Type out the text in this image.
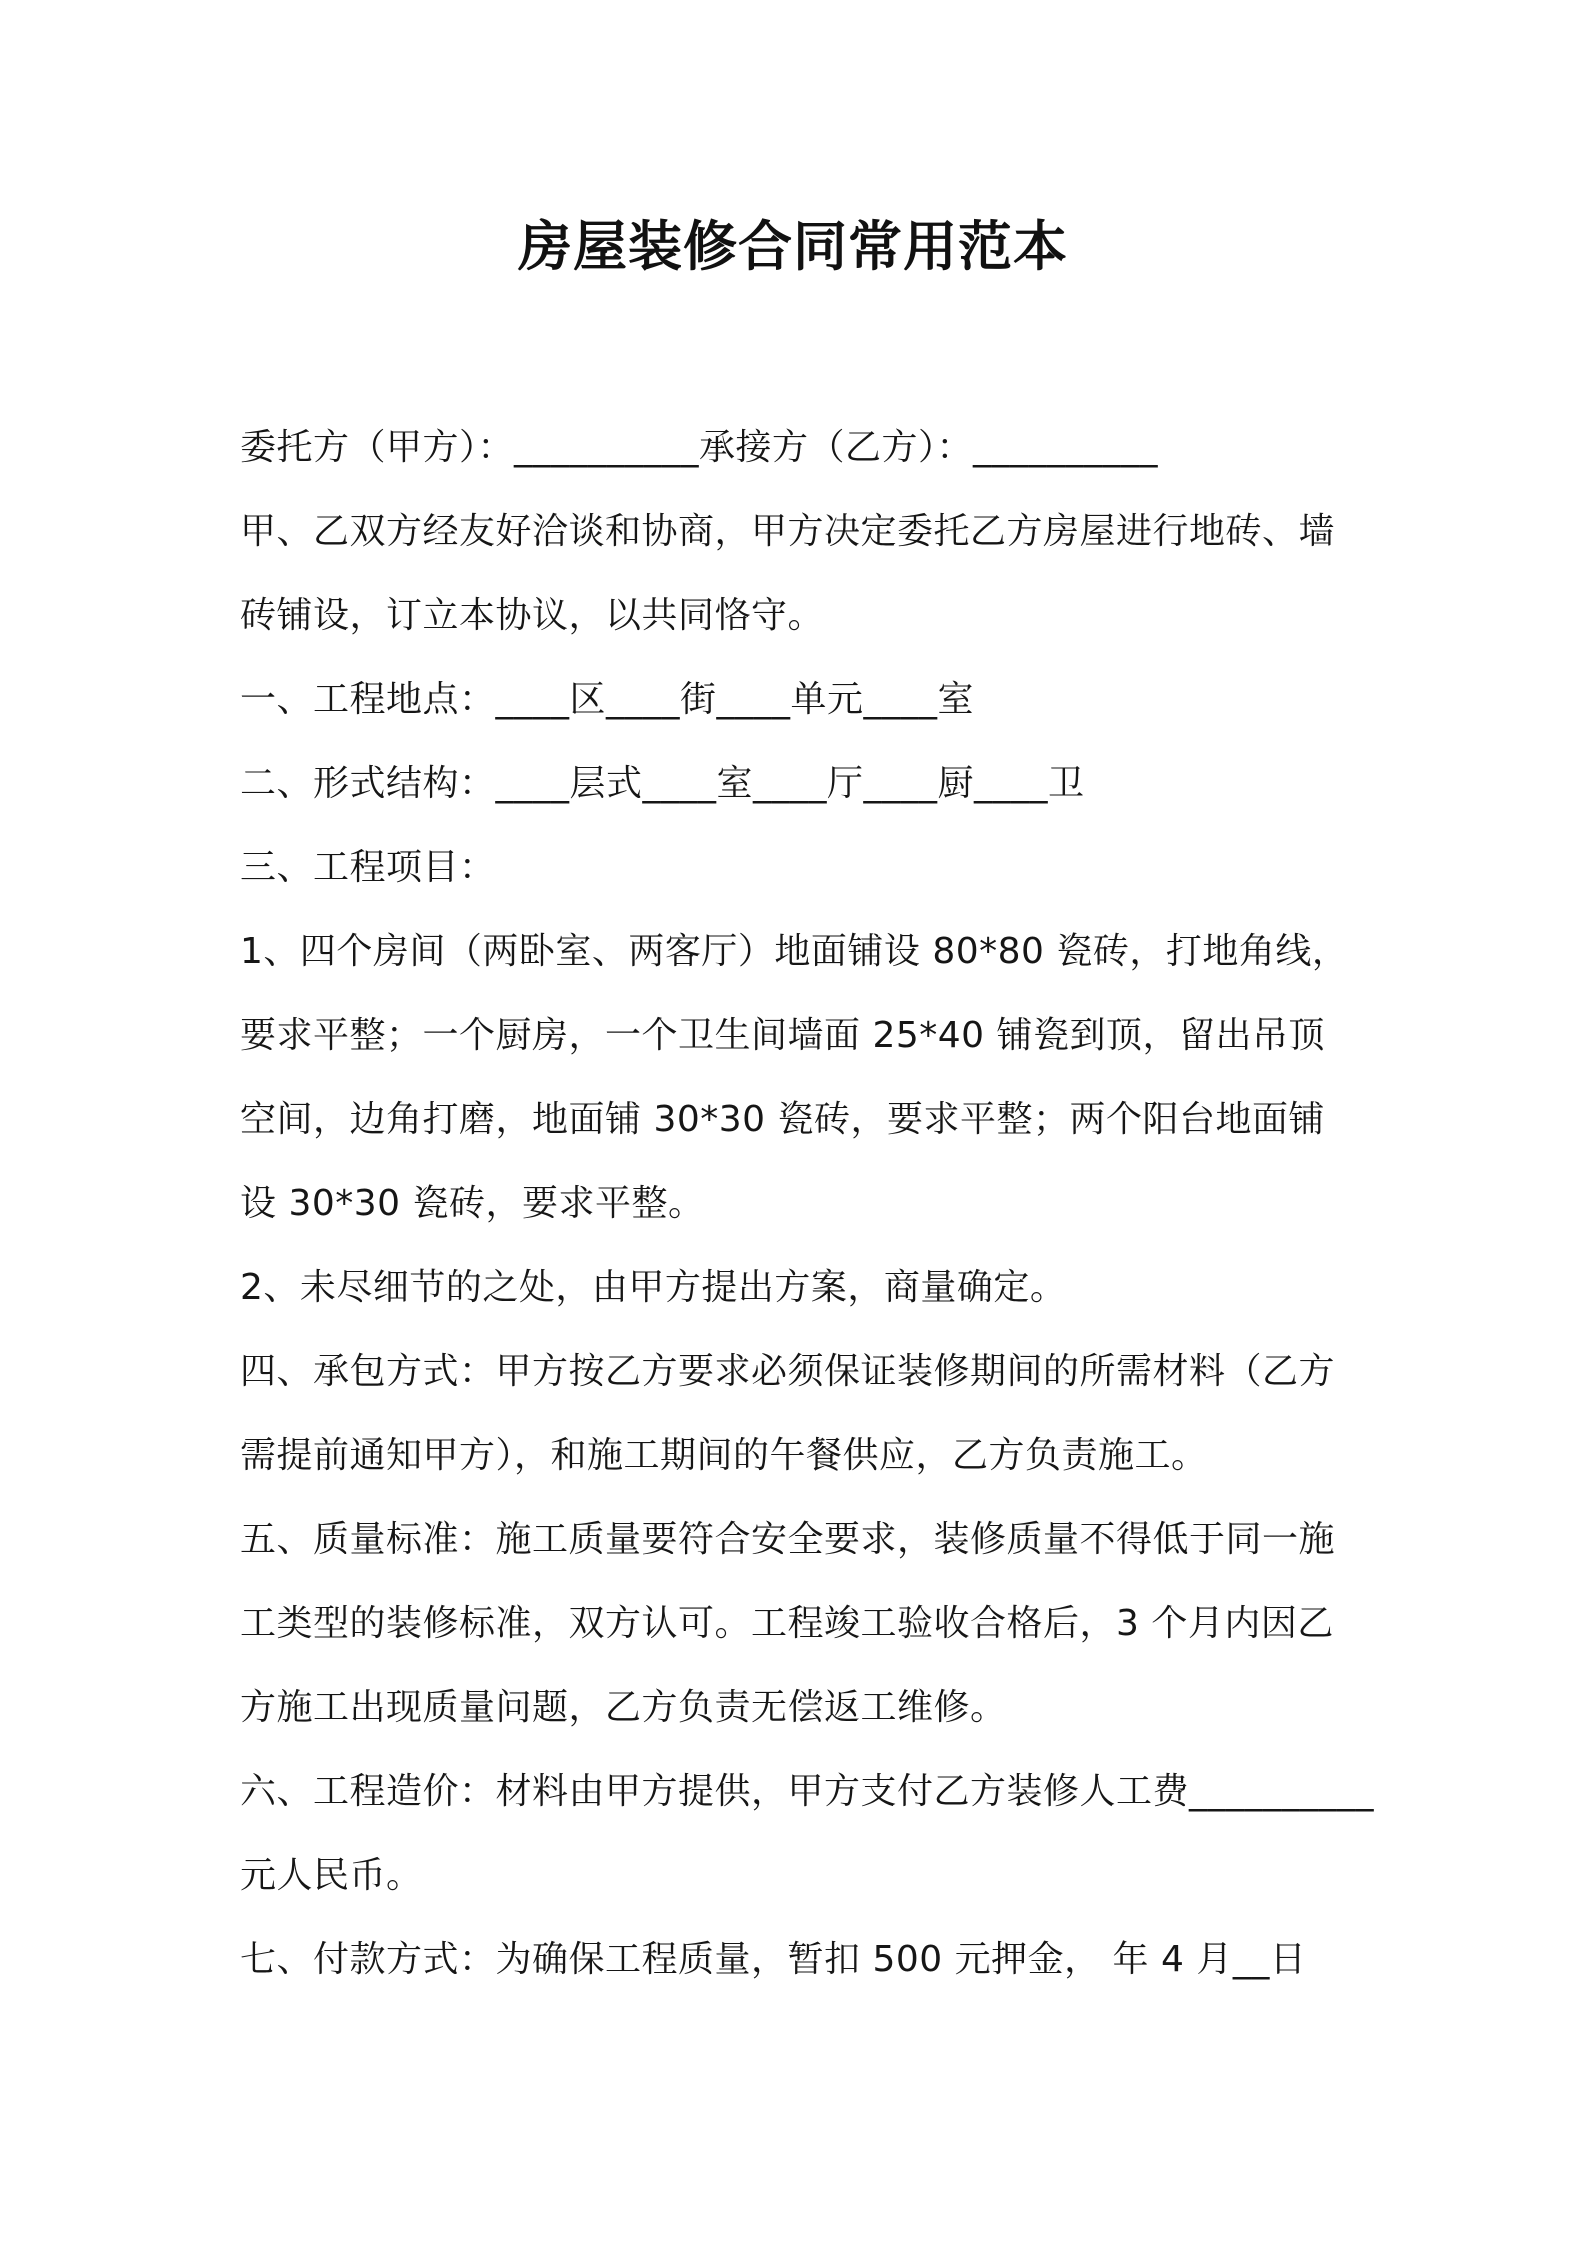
房屋装修合同常用范本
委托方（甲方）：__________承接方（乙方）：__________
甲、乙双方经友好洽谈和协商，甲方决定委托乙方房屋进行地砖、墙
砖铺设，订立本协议，以共同恪守。
一、工程地点：____区____街____单元____室
二、形式结构：____层式____室____厅____厨____卫
三、工程项目：
1、四个房间（两卧室、两客厅）地面铺设 80*80 瓷砖，打地角线，
要求平整；一个厨房，一个卫生间墙面 25*40 铺瓷到顶，留出吊顶
空间，边角打磨，地面铺 30*30 瓷砖，要求平整；两个阳台地面铺
设 30*30 瓷砖，要求平整。
2、未尽细节的之处，由甲方提出方案，商量确定。
四、承包方式：甲方按乙方要求必须保证装修期间的所需材料（乙方
需提前通知甲方），和施工期间的午餐供应，乙方负责施工。
五、质量标准：施工质量要符合安全要求，装修质量不得低于同一施
工类型的装修标准，双方认可。工程竣工验收合格后，3 个月内因乙
方施工出现质量问题，乙方负责无偿返工维修。
六、工程造价：材料由甲方提供，甲方支付乙方装修人工费__________
元人民币。
七、付款方式：为确保工程质量，暂扣 500 元押金， 年 4 月__日
